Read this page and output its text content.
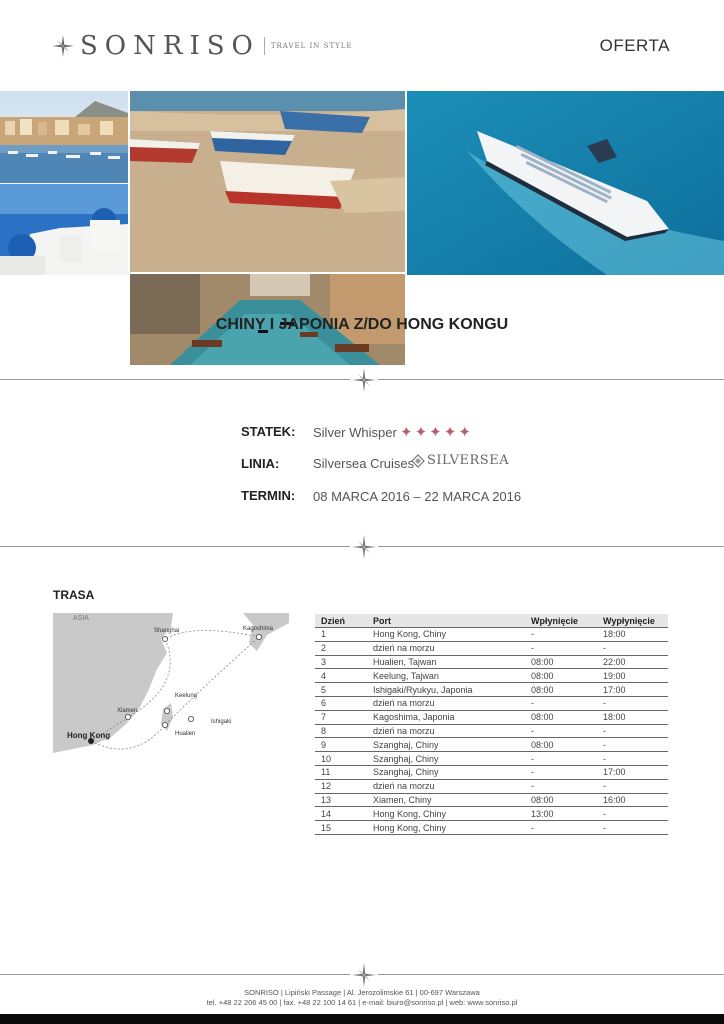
SONRISO TRAVEL IN STYLE	OFERTA
CHINY I JAPONIA Z/DO HONG KONGU
STATEK: Silver Whisper ✦ ✦ ✦ ✦ ✦
LINIA:	Silversea Cruises SILVERSEA
TERMIN: 08 MARCA 2016 – 22 MARCA 2016
TRASA
ASIA
Shanghai	Kagoshima
Keelung
Xiamen
Ishigaki
Hualien
Hong Kong
Dzień	Port	Wpłynięcie	Wypłynięcie
1	Hong Kong, Chiny	-	18:00
2	dzień na morzu	-	-
3	Hualien, Tajwan	08:00	22:00
4	Keelung, Tajwan	08:00	19:00
5	Ishigaki/Ryukyu, Japonia	08:00	17:00
6	dzień na morzu	-	-
7	Kagoshima, Japonia	08:00	18:00
8	dzień na morzu	-	-
9	Szanghaj, Chiny	08:00	-
10	Szanghaj, Chiny	-	-
11	Szanghaj, Chiny	-	17:00
12	dzień na morzu	-	-
13	Xiamen, Chiny	08:00	16:00
14	Hong Kong, Chiny	13:00	-
15	Hong Kong, Chiny	-	-
SONRISO | Lipiński Passage | Al. Jerozolimskie 61 | 00-697 Warszawa
tel. +48 22 206 45 00 | fax. +48 22 100 14 61 | e-mail: biuro@sonriso.pl | web: www.sonriso.pl
